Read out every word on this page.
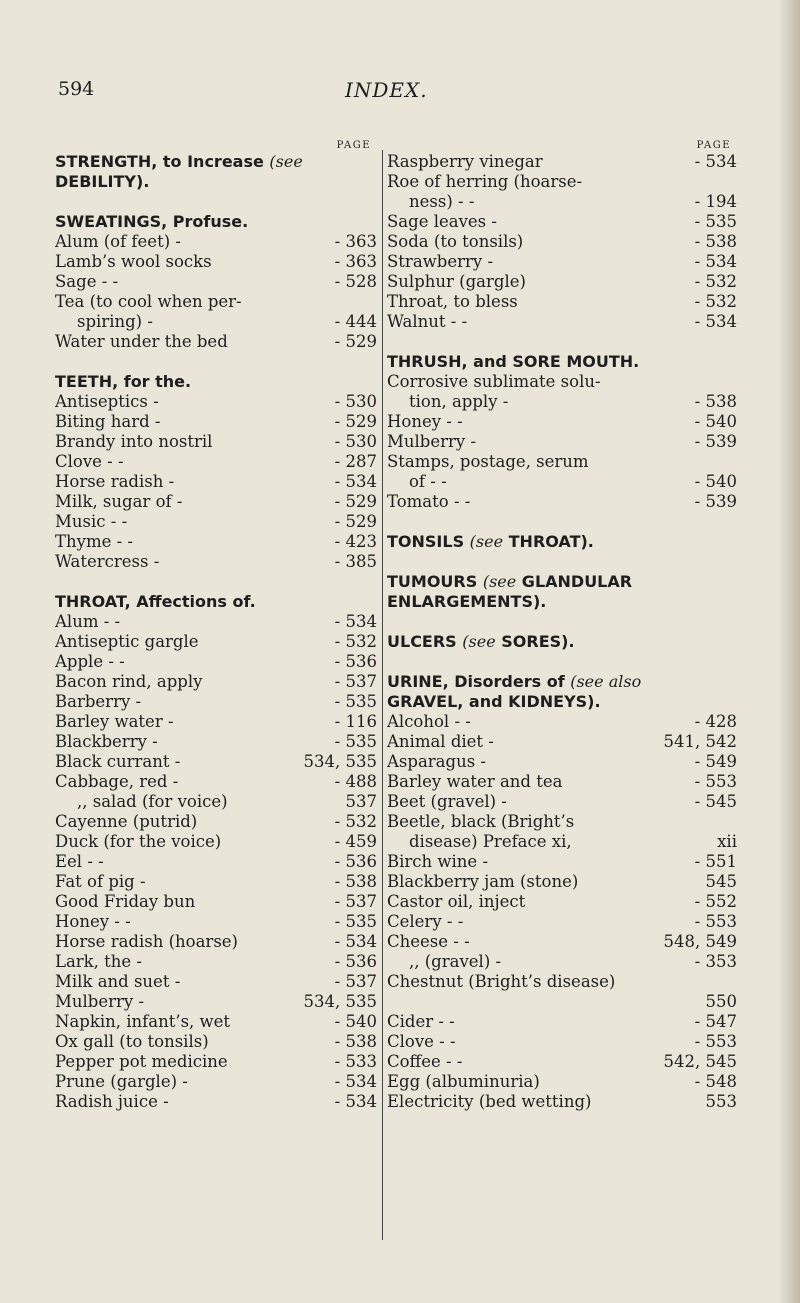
594	INDEX.
PAGE
STRENGTH, to Increase (see
DEBILITY).
SWEATINGS, Profuse.
Alum (of feet) -	- 363
Lamb’s wool socks	- 363
Sage - -	- 528
Tea (to cool when per-
spiring) -	- 444
Water under the bed	- 529
TEETH, for the.
Antiseptics -	- 530
Biting hard -	- 529
Brandy into nostril	- 530
Clove - -	- 287
Horse radish -	- 534
Milk, sugar of -	- 529
Music - -	- 529
Thyme - -	- 423
Watercress -	- 385
THROAT, Affections of.
Alum - -	- 534
Antiseptic gargle	- 532
Apple - -	- 536
Bacon rind, apply	- 537
Barberry -	- 535
Barley water -	- 116
Blackberry -	- 535
Black currant -	534, 535
Cabbage, red -	- 488
,, salad (for voice)	537
Cayenne (putrid)	- 532
Duck (for the voice)	- 459
Eel - -	- 536
Fat of pig -	- 538
Good Friday bun	- 537
Honey - -	- 535
Horse radish (hoarse)	- 534
Lark, the -	- 536
Milk and suet -	- 537
Mulberry -	534, 535
Napkin, infant’s, wet	- 540
Ox gall (to tonsils)	- 538
Pepper pot medicine	- 533
Prune (gargle) -	- 534
Radish juice -	- 534
PAGE
Raspberry vinegar	- 534
Roe of herring (hoarse-
ness) - -	- 194
Sage leaves -	- 535
Soda (to tonsils)	- 538
Strawberry -	- 534
Sulphur (gargle)	- 532
Throat, to bless	- 532
Walnut - -	- 534
THRUSH, and SORE MOUTH.
Corrosive sublimate solu-
tion, apply -	- 538
Honey - -	- 540
Mulberry -	- 539
Stamps, postage, serum
of - -	- 540
Tomato - -	- 539
TONSILS (see THROAT).
TUMOURS (see GLANDULAR
ENLARGEMENTS).
ULCERS (see SORES).
URINE, Disorders of (see also
GRAVEL, and KIDNEYS).
Alcohol - -	- 428
Animal diet -	541, 542
Asparagus -	- 549
Barley water and tea	- 553
Beet (gravel) -	- 545
Beetle, black (Bright’s
disease) Preface xi,	xii
Birch wine -	- 551
Blackberry jam (stone)	545
Castor oil, inject	- 552
Celery - -	- 553
Cheese - -	548, 549
,, (gravel) -	- 353
Chestnut (Bright’s disease)
550
Cider - -	- 547
Clove - -	- 553
Coffee - -	542, 545
Egg (albuminuria)	- 548
Electricity (bed wetting)	553
